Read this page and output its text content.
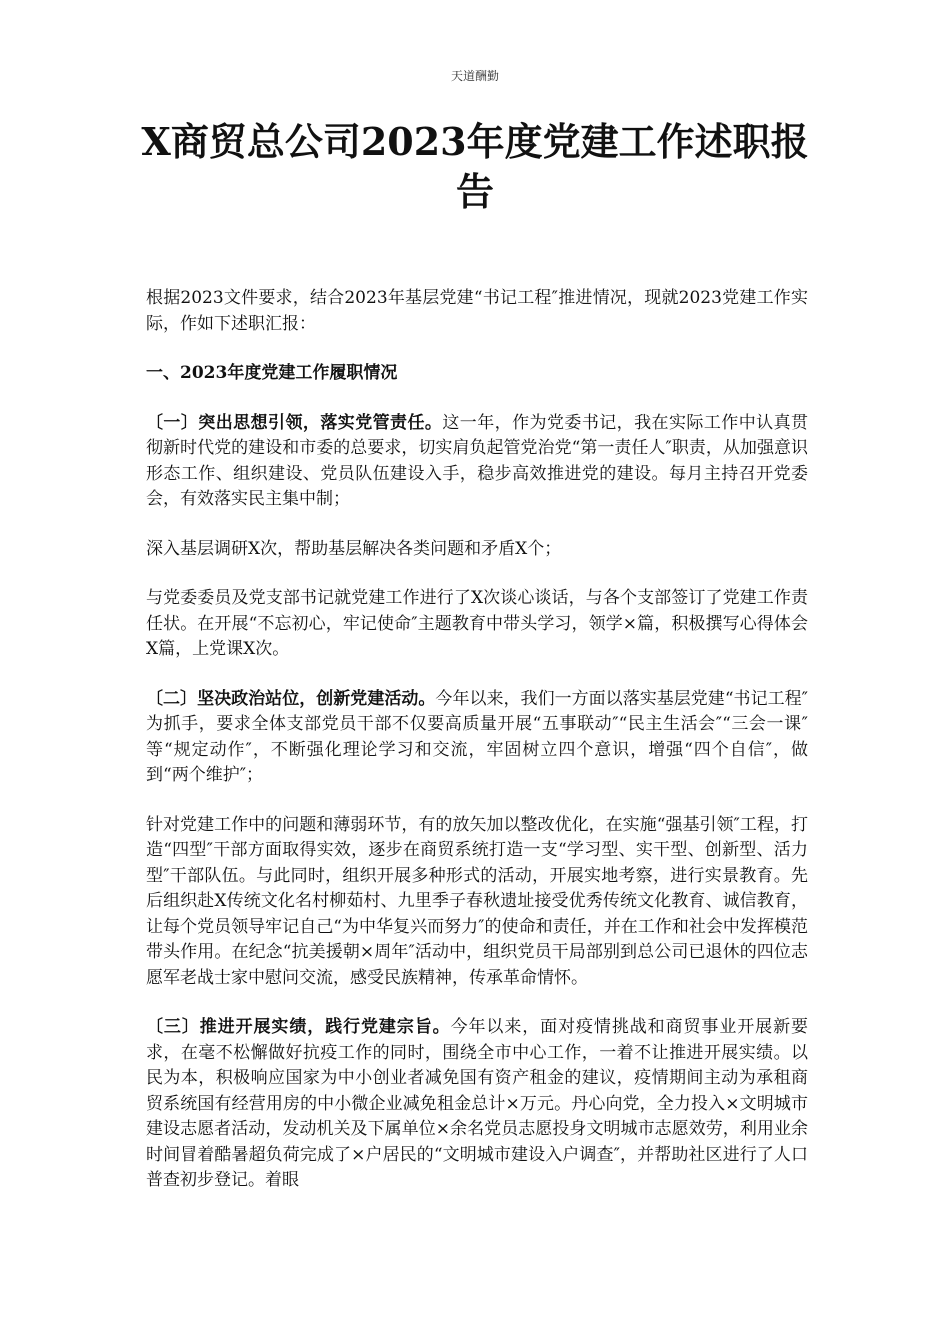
天道酬勤
X商贸总公司2023年度党建工作述职报告

根据2023文件要求，结合2023年基层党建“书记工程″推进情况，现就2023党建工作实际，作如下述职汇报：

一、2023年度党建工作履职情况

〔一〕突出思想引领，落实党管责任。这一年，作为党委书记，我在实际工作中认真贯彻新时代党的建设和市委的总要求，切实肩负起管党治党“第一责任人″职责，从加强意识形态工作、组织建设、党员队伍建设入手，稳步高效推进党的建设。每月主持召开党委会，有效落实民主集中制；

深入基层调研X次，帮助基层解决各类问题和矛盾X个；

与党委委员及党支部书记就党建工作进行了X次谈心谈话，与各个支部签订了党建工作责任状。在开展“不忘初心，牢记使命″主题教育中带头学习，领学×篇，积极撰写心得体会X篇，上党课X次。

〔二〕坚决政治站位，创新党建活动。今年以来，我们一方面以落实基层党建“书记工程″为抓手，要求全体支部党员干部不仅要高质量开展“五事联动″“民主生活会″“三会一课″等“规定动作″，不断强化理论学习和交流，牢固树立四个意识，增强“四个自信″，做到“两个维护″；

针对党建工作中的问题和薄弱环节，有的放矢加以整改优化，在实施“强基引领″工程，打造“四型″干部方面取得实效，逐步在商贸系统打造一支“学习型、实干型、创新型、活力型″干部队伍。与此同时，组织开展多种形式的活动，开展实地考察，进行实景教育。先后组织赴X传统文化名村柳茹村、九里季子春秋遗址接受优秀传统文化教育、诚信教育，让每个党员领导牢记自己“为中华复兴而努力″的使命和责任，并在工作和社会中发挥模范带头作用。在纪念“抗美援朝×周年″活动中，组织党员干局部别到总公司已退休的四位志愿军老战士家中慰问交流，感受民族精神，传承革命情怀。

〔三〕推进开展实绩，践行党建宗旨。今年以来，面对疫情挑战和商贸事业开展新要求，在毫不松懈做好抗疫工作的同时，围绕全市中心工作，一着不让推进开展实绩。以民为本，积极响应国家为中小创业者减免国有资产租金的建议，疫情期间主动为承租商贸系统国有经营用房的中小微企业减免租金总计×万元。丹心向党，全力投入×文明城市建设志愿者活动，发动机关及下属单位×余名党员志愿投身文明城市志愿效劳，利用业余时间冒着酷暑超负荷完成了×户居民的“文明城市建设入户调查″，并帮助社区进行了人口普查初步登记。着眼
